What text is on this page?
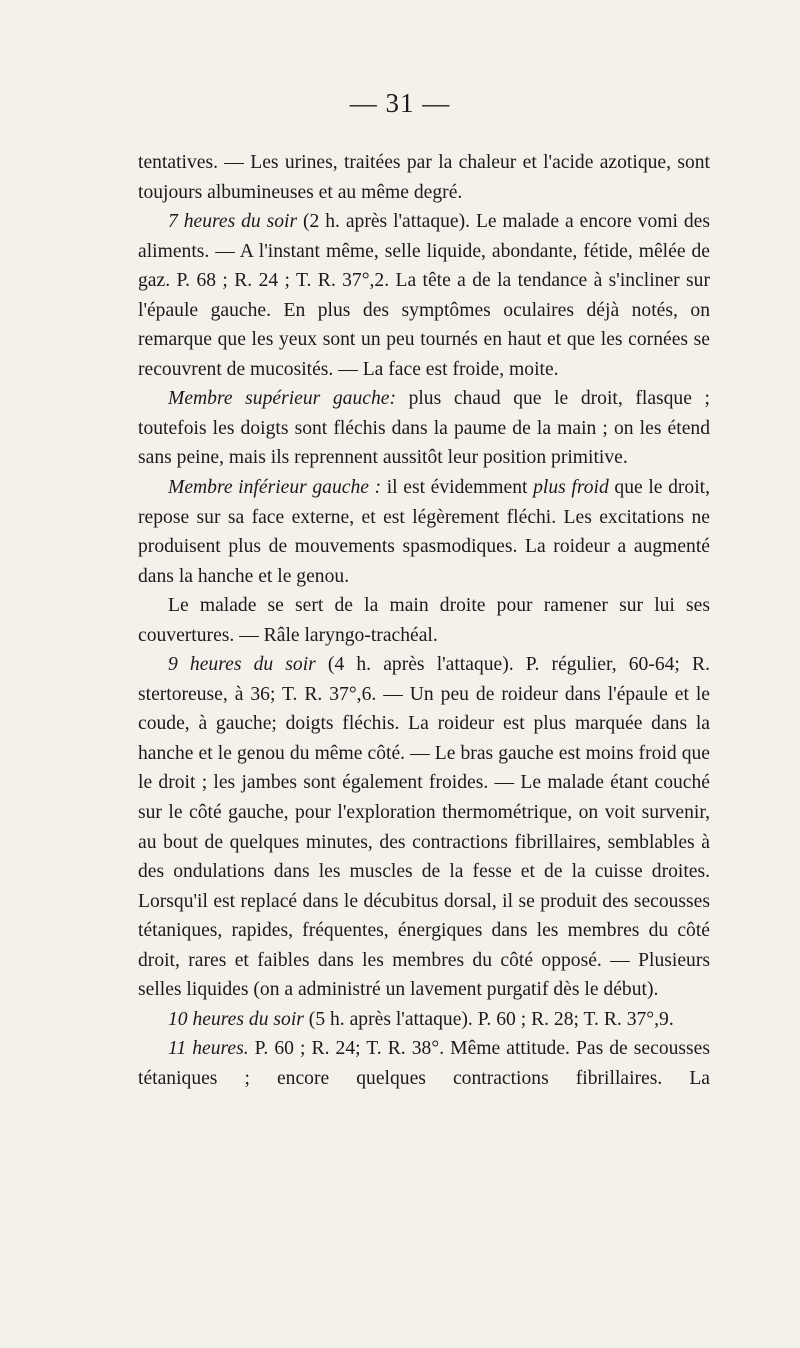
— 31 —

tentatives. — Les urines, traitées par la chaleur et l'acide azotique, sont toujours albumineuses et au même degré.

7 heures du soir (2 h. après l'attaque). Le malade a encore vomi des aliments. — A l'instant même, selle liquide, abondante, fétide, mêlée de gaz. P. 68 ; R. 24 ; T. R. 37°,2. La tête a de la tendance à s'incliner sur l'épaule gauche. En plus des symptômes oculaires déjà notés, on remarque que les yeux sont un peu tournés en haut et que les cornées se recouvrent de mucosités. — La face est froide, moite.

Membre supérieur gauche: plus chaud que le droit, flasque ; toutefois les doigts sont fléchis dans la paume de la main ; on les étend sans peine, mais ils reprennent aussitôt leur position primitive.

Membre inférieur gauche : il est évidemment plus froid que le droit, repose sur sa face externe, et est légèrement fléchi. Les excitations ne produisent plus de mouvements spasmodiques. La roideur a augmenté dans la hanche et le genou.

Le malade se sert de la main droite pour ramener sur lui ses couvertures. — Râle laryngo-trachéal.

9 heures du soir (4 h. après l'attaque). P. régulier, 60-64; R. stertoreuse, à 36; T. R. 37°,6. — Un peu de roideur dans l'épaule et le coude, à gauche; doigts fléchis. La roideur est plus marquée dans la hanche et le genou du même côté. — Le bras gauche est moins froid que le droit ; les jambes sont également froides. — Le malade étant couché sur le côté gauche, pour l'exploration thermométrique, on voit survenir, au bout de quelques minutes, des contractions fibrillaires, semblables à des ondulations dans les muscles de la fesse et de la cuisse droites. Lorsqu'il est replacé dans le décubitus dorsal, il se produit des secousses tétaniques, rapides, fréquentes, énergiques dans les membres du côté droit, rares et faibles dans les membres du côté opposé. — Plusieurs selles liquides (on a administré un lavement purgatif dès le début).

10 heures du soir (5 h. après l'attaque). P. 60 ; R. 28; T. R. 37°,9.

11 heures. P. 60 ; R. 24; T. R. 38°. Même attitude. Pas de secousses tétaniques ; encore quelques contractions fibrillaires. La
